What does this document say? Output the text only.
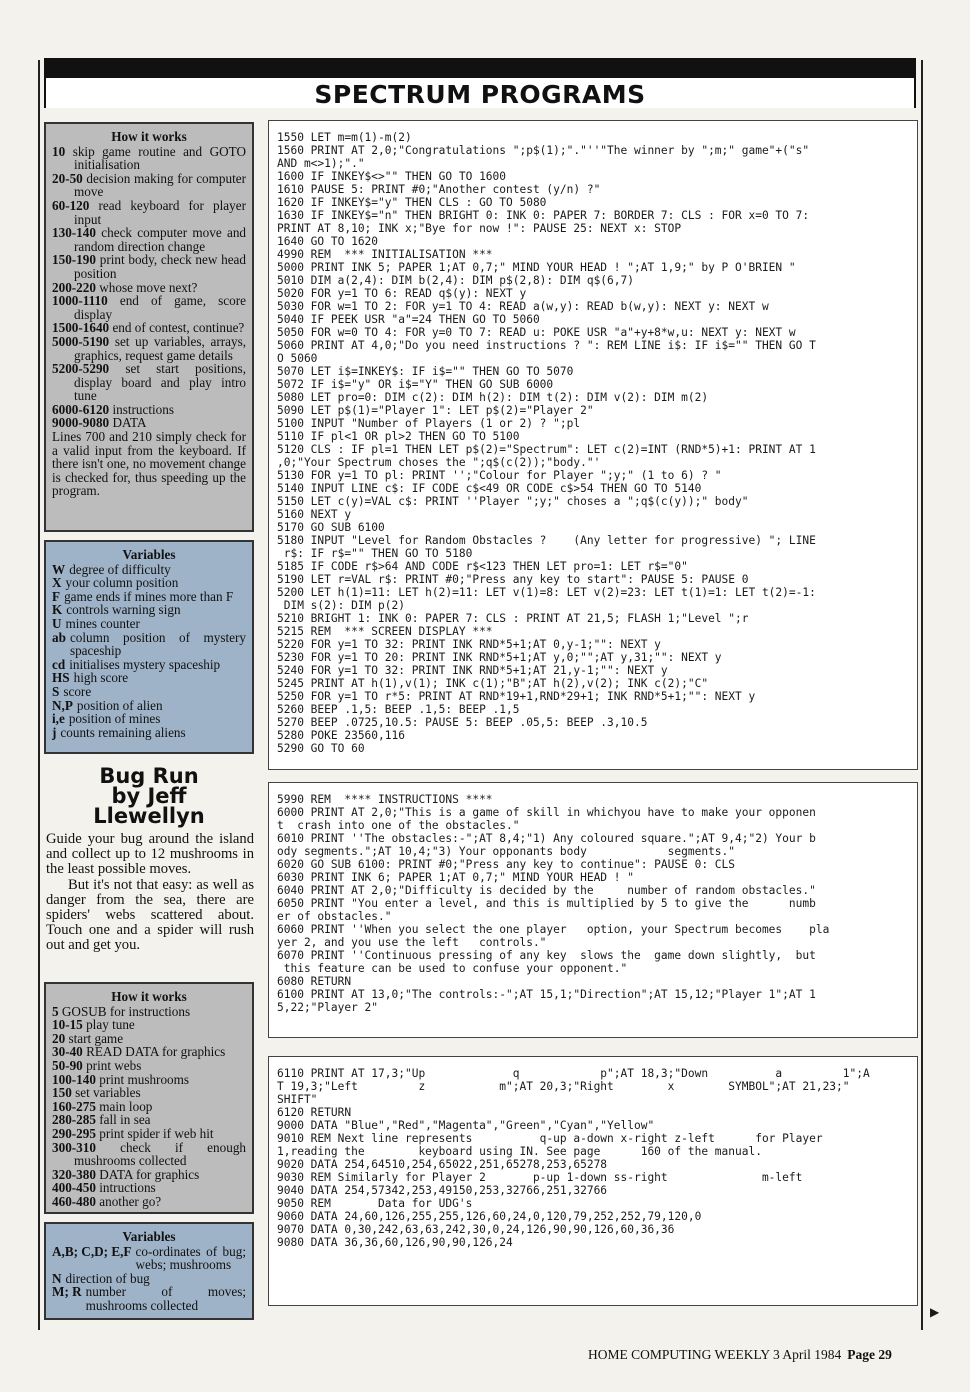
SPECTRUM PROGRAMS
How it works
10 skip game routine and GOTO initialisation
20-50 decision making for computer move
60-120 read keyboard for player input
130-140 check computer move and random direction change
150-190 print body, check new head position
200-220 whose move next?
1000-1110 end of game, score display
1500-1640 end of contest, continue?
5000-5190 set up variables, arrays, graphics, request game details
5200-5290 set start positions, display board and play intro tune
6000-6120 instructions
9000-9080 DATA
Lines 700 and 210 simply check for a valid input from the keyboard. If there isn't one, no movement change is checked for, thus speeding up the program.
Variables
W degree of difficulty
X your column position
F game ends if mines more than F
K controls warning sign
U mines counter
ab column position of mystery spaceship
cd initialises mystery spaceship
HS high score
S score
N,P position of alien
i,e position of mines
j counts remaining aliens
Bug Run
by Jeff
Llewellyn

Guide your bug around the island and collect up to 12 mushrooms in the least possible moves.

But it's not that easy: as well as danger from the sea, there are spiders' webs scattered about. Touch one and a spider will rush out and get you.

How it works
5 GOSUB for instructions
10-15 play tune
20 start game
30-40 READ DATA for graphics
50-90 print webs
100-140 print mushrooms
150 set variables
160-275 main loop
280-285 fall in sea
290-295 print spider if web hit
300-310 check if enough mushrooms collected
320-380 DATA for graphics
400-450 intructions
460-480 another go?
Variables
A,B; C,D; E,F co-ordinates of bug; webs; mushrooms
N direction of bug
M; R number of moves; mushrooms collected
1550 LET m=m(1)-m(2)
1560 PRINT AT 2,0;"Congratulations ";p$(1);"."''"The winner by ";m;" game"+("s"
AND m<>1);"."
1600 IF INKEY$<>"" THEN GO TO 1600
1610 PAUSE 5: PRINT #0;"Another contest (y/n) ?"
1620 IF INKEY$="y" THEN CLS : GO TO 5080
1630 IF INKEY$="n" THEN BRIGHT 0: INK 0: PAPER 7: BORDER 7: CLS : FOR x=0 TO 7:
PRINT AT 8,10; INK x;"Bye for now !": PAUSE 25: NEXT x: STOP
1640 GO TO 1620
4990 REM  *** INITIALISATION ***
5000 PRINT INK 5; PAPER 1;AT 0,7;" MIND YOUR HEAD ! ";AT 1,9;" by P O'BRIEN "
5010 DIM a(2,4): DIM b(2,4): DIM p$(2,8): DIM q$(6,7)
5020 FOR y=1 TO 6: READ q$(y): NEXT y
5030 FOR w=1 TO 2: FOR y=1 TO 4: READ a(w,y): READ b(w,y): NEXT y: NEXT w
5040 IF PEEK USR "a"=24 THEN GO TO 5060
5050 FOR w=0 TO 4: FOR y=0 TO 7: READ u: POKE USR "a"+y+8*w,u: NEXT y: NEXT w
5060 PRINT AT 4,0;"Do you need instructions ? ": REM LINE i$: IF i$="" THEN GO T
O 5060
5070 LET i$=INKEY$: IF i$="" THEN GO TO 5070
5072 IF i$="y" OR i$="Y" THEN GO SUB 6000
5080 LET pro=0: DIM c(2): DIM h(2): DIM t(2): DIM v(2): DIM m(2)
5090 LET p$(1)="Player 1": LET p$(2)="Player 2"
5100 INPUT "Number of Players (1 or 2) ? ";pl
5110 IF pl<1 OR pl>2 THEN GO TO 5100
5120 CLS : IF pl=1 THEN LET p$(2)="Spectrum": LET c(2)=INT (RND*5)+1: PRINT AT 1
,0;"Your Spectrum choses the ";q$(c(2));"body."'
5130 FOR y=1 TO pl: PRINT '';"Colour for Player ";y;" (1 to 6) ? "
5140 INPUT LINE c$: IF CODE c$<49 OR CODE c$>54 THEN GO TO 5140
5150 LET c(y)=VAL c$: PRINT ''Player ";y;" choses a ";q$(c(y));" body"
5160 NEXT y
5170 GO SUB 6100
5180 INPUT "Level for Random Obstacles ?    (Any letter for progressive) "; LINE
r$: IF r$="" THEN GO TO 5180
5185 IF CODE r$>64 AND CODE r$<123 THEN LET pro=1: LET r$="0"
5190 LET r=VAL r$: PRINT #0;"Press any key to start": PAUSE 5: PAUSE 0
5200 LET h(1)=11: LET h(2)=11: LET v(1)=8: LET v(2)=23: LET t(1)=1: LET t(2)=-1:
DIM s(2): DIM p(2)
5210 BRIGHT 1: INK 0: PAPER 7: CLS : PRINT AT 21,5; FLASH 1;"Level ";r
5215 REM  *** SCREEN DISPLAY ***
5220 FOR y=1 TO 32: PRINT INK RND*5+1;AT 0,y-1;"": NEXT y
5230 FOR y=1 TO 20: PRINT INK RND*5+1;AT y,0;"";AT y,31;"": NEXT y
5240 FOR y=1 TO 32: PRINT INK RND*5+1;AT 21,y-1;"": NEXT y
5245 PRINT AT h(1),v(1); INK c(1);"B";AT h(2),v(2); INK c(2);"C"
5250 FOR y=1 TO r*5: PRINT AT RND*19+1,RND*29+1; INK RND*5+1;"": NEXT y
5260 BEEP .1,5: BEEP .1,5: BEEP .1,5
5270 BEEP .0725,10.5: PAUSE 5: BEEP .05,5: BEEP .3,10.5
5280 POKE 23560,116
5290 GO TO 60
5990 REM  **** INSTRUCTIONS ****
6000 PRINT AT 2,0;"This is a game of skill in whichyou have to make your opponen
t  crash into one of the obstacles."
6010 PRINT ''The obstacles:-";AT 8,4;"1) Any coloured square.";AT 9,4;"2) Your b
ody segments.";AT 10,4;"3) Your opponants body            segments."
6020 GO SUB 6100: PRINT #0;"Press any key to continue": PAUSE 0: CLS
6030 PRINT INK 6; PAPER 1;AT 0,7;" MIND YOUR HEAD ! "
6040 PRINT AT 2,0;"Difficulty is decided by the     number of random obstacles."
6050 PRINT "You enter a level, and this is multiplied by 5 to give the      numb
er of obstacles."
6060 PRINT ''When you select the one player   option, your Spectrum becomes    pla
yer 2, and you use the left   controls."
6070 PRINT ''Continuous pressing of any key  slows the  game down slightly,  but
this feature can be used to confuse your opponent."
6080 RETURN
6100 PRINT AT 13,0;"The controls:-";AT 15,1;"Direction";AT 15,12;"Player 1";AT 1
5,22;"Player 2"
6110 PRINT AT 17,3;"Up             q            p";AT 18,3;"Down          a         1";A
T 19,3;"Left         z           m";AT 20,3;"Right        x        SYMBOL";AT 21,23;"
SHIFT"
6120 RETURN
9000 DATA "Blue","Red","Magenta","Green","Cyan","Yellow"
9010 REM Next line represents          q-up a-down x-right z-left      for Player
1,reading the        keyboard using IN. See page      160 of the manual.
9020 DATA 254,64510,254,65022,251,65278,253,65278
9030 REM Similarly for Player 2       p-up 1-down ss-right              m-left
9040 DATA 254,57342,253,49150,253,32766,251,32766
9050 REM       Data for UDG's
9060 DATA 24,60,126,255,255,126,60,24,0,120,79,252,252,79,120,0
9070 DATA 0,30,242,63,63,242,30,0,24,126,90,90,126,60,36,36
9080 DATA 36,36,60,126,90,90,126,24
▶
HOME COMPUTING WEEKLY 3 April 1984 Page 29
